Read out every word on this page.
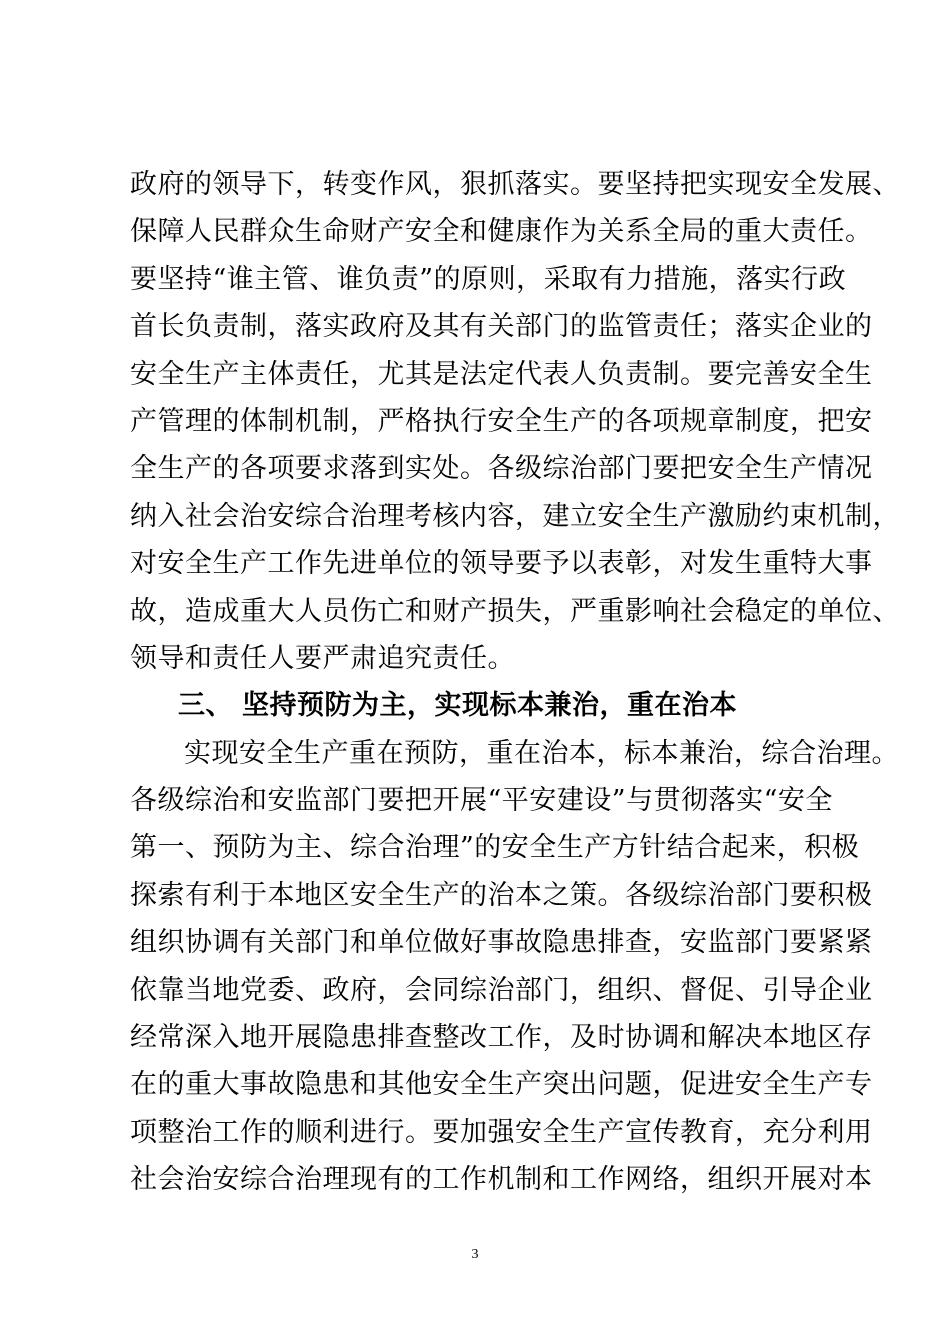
政府的领导下，转变作风，狠抓落实。要坚持把实现安全发展、
保障人民群众生命财产安全和健康作为关系全局的重大责任。
要坚持“谁主管、谁负责”的原则，采取有力措施，落实行政
首长负责制，落实政府及其有关部门的监管责任；落实企业的
安全生产主体责任，尤其是法定代表人负责制。要完善安全生
产管理的体制机制，严格执行安全生产的各项规章制度，把安
全生产的各项要求落到实处。各级综治部门要把安全生产情况
纳入社会治安综合治理考核内容，建立安全生产激励约束机制，
对安全生产工作先进单位的领导要予以表彰，对发生重特大事
故，造成重大人员伤亡和财产损失，严重影响社会稳定的单位、
领导和责任人要严肃追究责任。
三、 坚持预防为主，实现标本兼治，重在治本
实现安全生产重在预防，重在治本，标本兼治，综合治理。
各级综治和安监部门要把开展“平安建设”与贯彻落实“安全
第一、预防为主、综合治理”的安全生产方针结合起来，积极
探索有利于本地区安全生产的治本之策。各级综治部门要积极
组织协调有关部门和单位做好事故隐患排查，安监部门要紧紧
依靠当地党委、政府，会同综治部门，组织、督促、引导企业
经常深入地开展隐患排查整改工作，及时协调和解决本地区存
在的重大事故隐患和其他安全生产突出问题，促进安全生产专
项整治工作的顺利进行。要加强安全生产宣传教育，充分利用
社会治安综合治理现有的工作机制和工作网络，组织开展对本
3
